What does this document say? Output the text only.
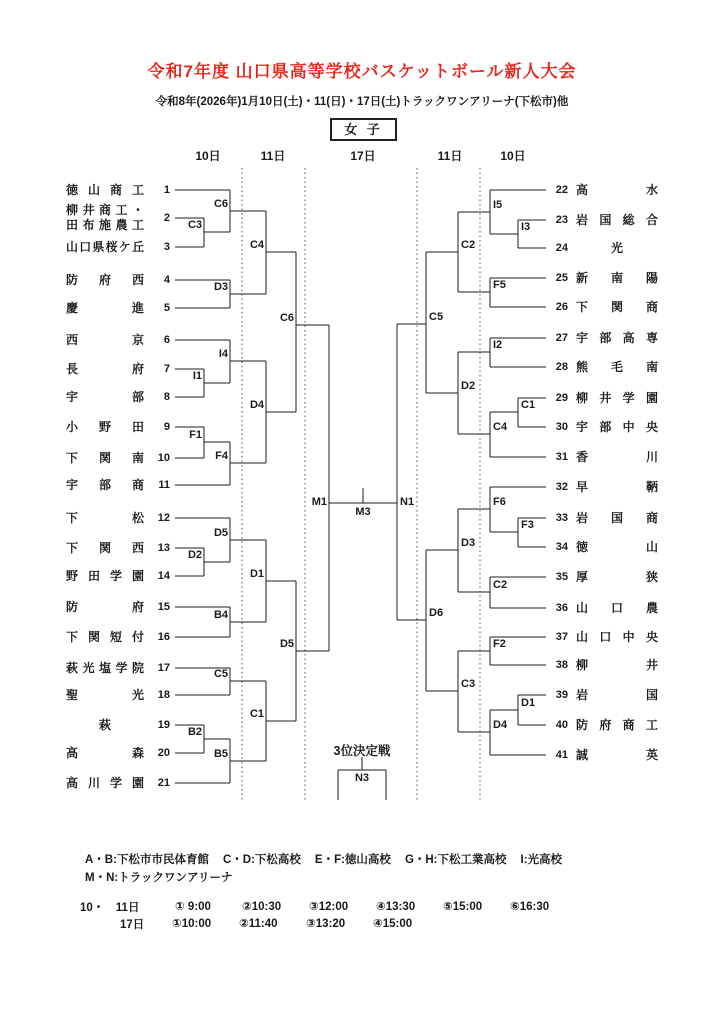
令和7年度 山口県高等学校バスケットボール新人大会
令和8年(2026年)1月10日(土)・11(日)・17日(土)トラックワンアリーナ(下松市)他
女 子
10日	11日	17日	11日	10日
徳山商工	1
柳井商工・
田布施農工	2
山口県桜ケ丘	3
防府西	4
慶進	5
西京	6
長府	7
宇部	8
小野田	9
下関南	10
宇部商	11
下松	12
下関西	13
野田学園	14
防府	15
下関短付	16
萩光塩学院	17
聖光	18
萩	19
高森	20
高川学園	21
22 高水
23 岩国総合
24	光
25 新南陽
26 下関商
27 宇部高専
28 熊毛南
29 柳井学園
30 宇部中央
31 香川
32 早鞆
33 岩国商
34 徳山
35 厚狭
36 山口農
37 山口中央
38 柳井
39 岩国
40 防府商工
41 誠英
C6
C3
C4
D3
C6
I4
I1
D4
F1
F4
M1
D5
D2
D1
B4
D5
C5
C1
B2
B5
I5
I3
C2
F5
C5
I2
D2
C1
C4
N1	F6
F3
D3
C2
D6
F2
C3
D1
D4
M3
3位決定戦
N3
A・B:下松市市民体育館 C・D:下松高校 E・F:徳山高校 G・H:下松工業高校 I:光高校
M・N:トラックワンアリーナ
10・　11日	① 9:00	②10:30	③12:00	④13:30	⑤15:00	⑥16:30
17日	①10:00	②11:40	③13:20	④15:00
